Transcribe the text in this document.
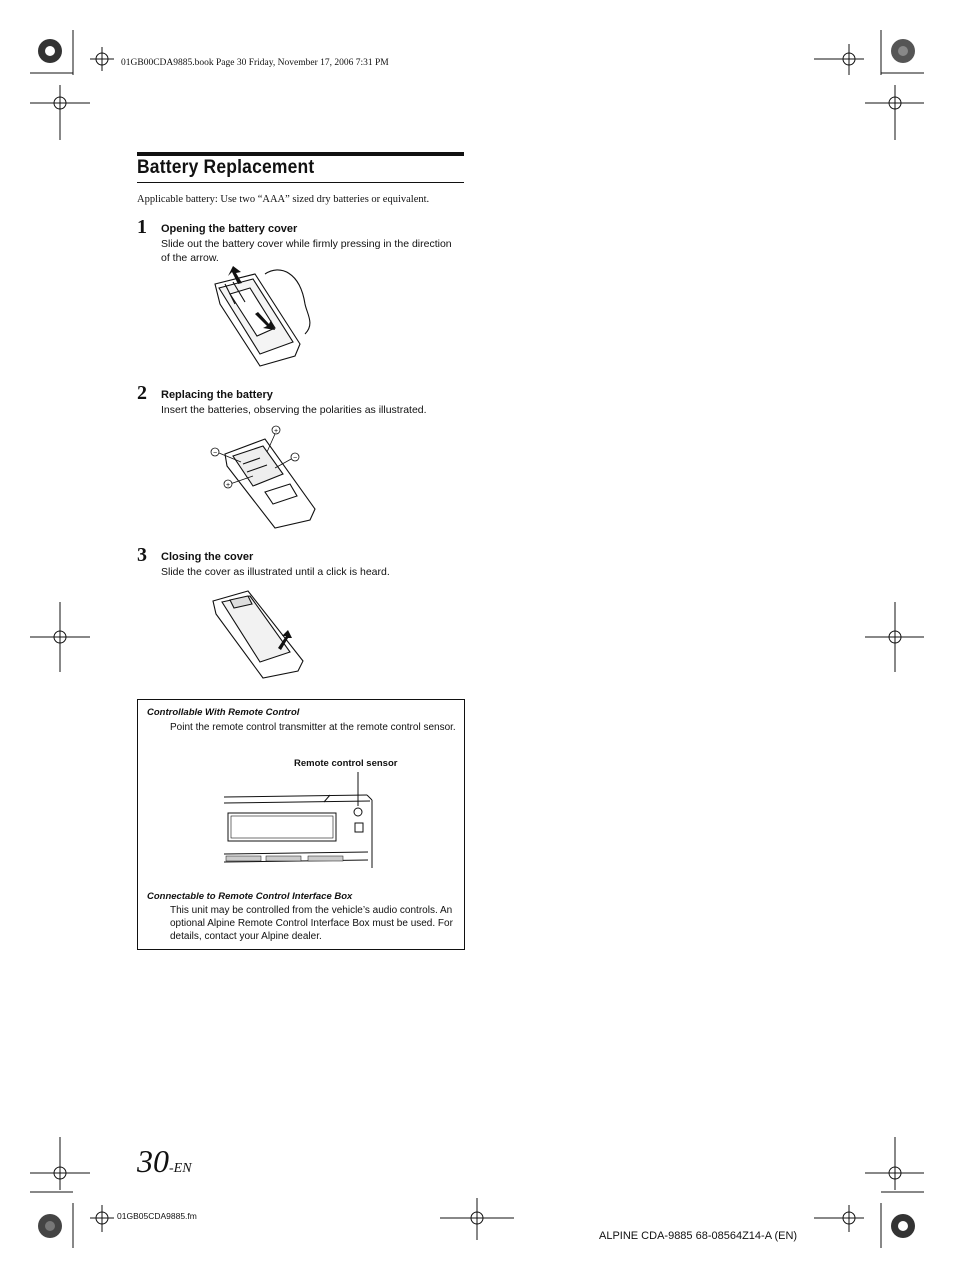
01GB00CDA9885.book Page 30 Friday, November 17, 2006 7:31 PM
Battery Replacement
Applicable battery: Use two “AAA” sized dry batteries or equivalent.
1 Opening the battery cover
Slide out the battery cover while firmly pressing in the direction of the arrow.
2 Replacing the battery
Insert the batteries, observing the polarities as illustrated.
−
+
−
+
3 Closing the cover
Slide the cover as illustrated until a click is heard.
Controllable With Remote Control
Point the remote control transmitter at the remote control sensor.
Remote control sensor
Connectable to Remote Control Interface Box
This unit may be controlled from the vehicle’s audio controls. An optional Alpine Remote Control Interface Box must be used. For details, contact your Alpine dealer.
30-EN
01GB05CDA9885.fm
ALPINE CDA-9885 68-08564Z14-A (EN)
